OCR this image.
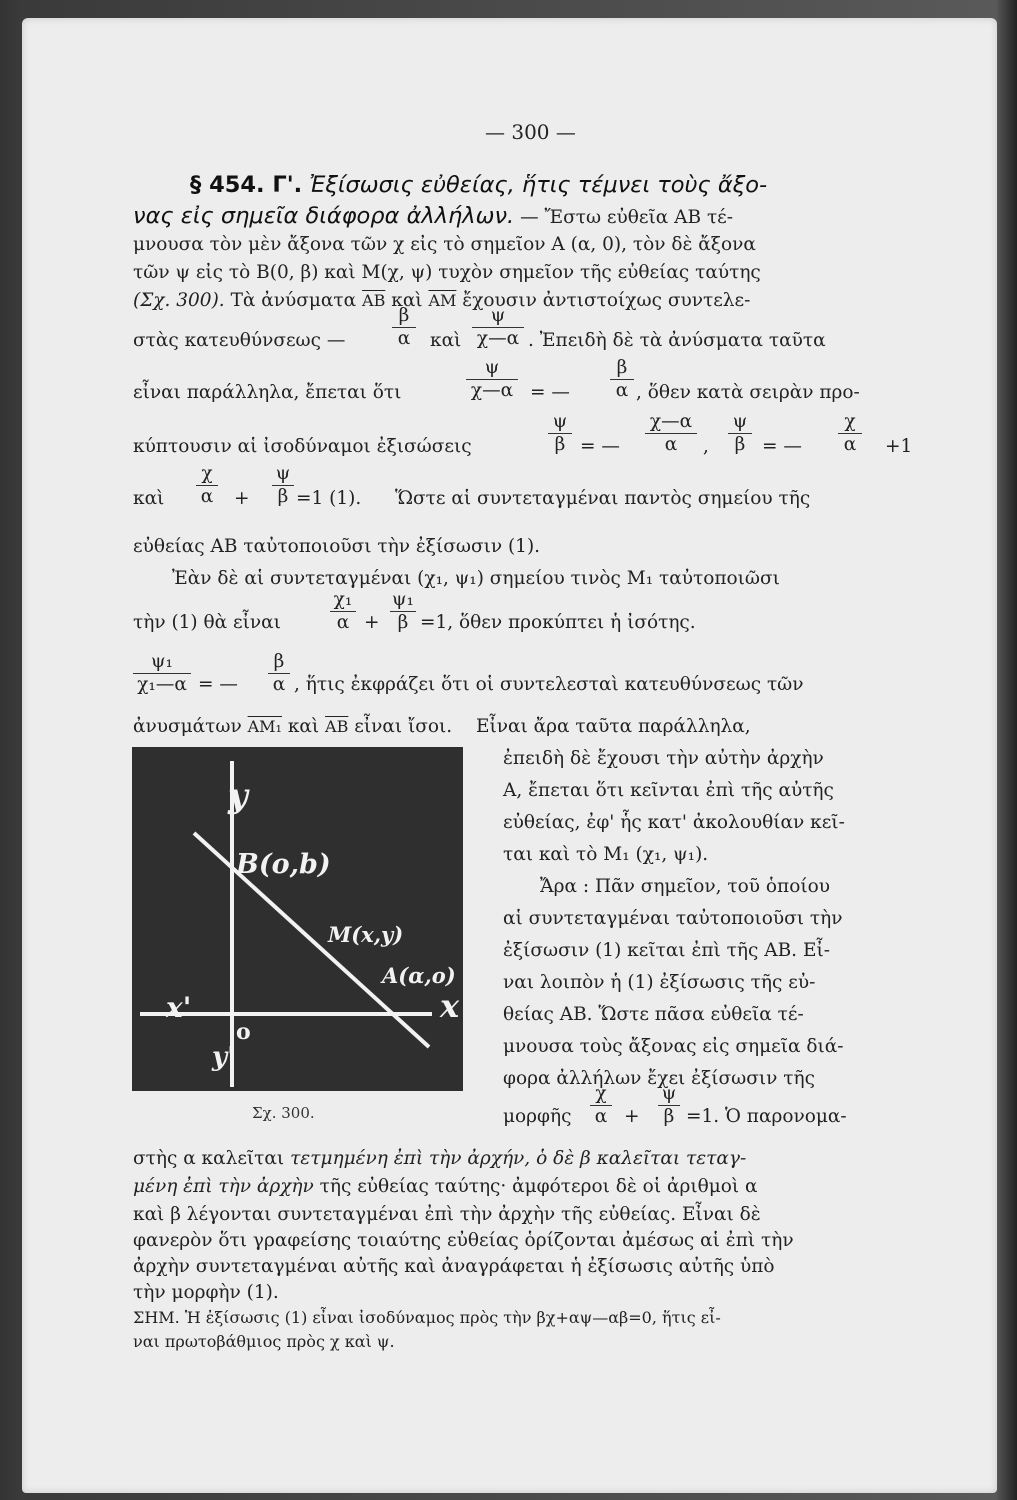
— 300 —
§ 454. Γ'. Ἐξίσωσις εὐθείας, ἥτις τέμνει τοὺς ἄξο-
νας εἰς σημεῖα διάφορα ἀλλήλων. — Ἔστω εὐθεῖα ΑΒ τέ-
μνουσα τὸν μὲν ἄξονα τῶν χ εἰς τὸ σημεῖον Α (α, 0), τὸν δὲ ἄξονα
τῶν ψ εἰς τὸ Β(0, β) καὶ Μ(χ, ψ) τυχὸν σημεῖον τῆς εὐθείας ταύτης
(Σχ. 300). Τὰ ἀνύσματα $\overline{AB}$ καὶ $\overline{AM}$ ἔχουσιν ἀντιστοίχως συντελε-
στὰς κατευθύνσεως —
β
α	καὶ
ψ
χ—α . Ἐπειδὴ δὲ τὰ ἀνύσματα ταῦτα
εἶναι παράλληλα, ἔπεται ὅτι
ψ
χ—α = —
β
α , ὅθεν κατὰ σειρὰν προ-
κύπτουσιν αἱ ἰσοδύναμοι ἐξισώσεις
ψ
β = —
χ—α
α	,
ψ
β = —
χ
α	+1
καὶ
χ
α +
ψ
β =1 (1). Ὥστε αἱ συντεταγμέναι παντὸς σημείου τῆς
εὐθείας ΑΒ ταὐτοποιοῦσι τὴν ἐξίσωσιν (1).
Ἐὰν δὲ αἱ συντεταγμέναι (χ₁, ψ₁) σημείου τινὸς Μ₁ ταὐτοποιῶσι
τὴν (1) θὰ εἶναι
χ₁
α +
ψ₁
β =1, ὅθεν προκύπτει ἡ ἰσότης.
ψ₁
χ₁—α = —
β
α , ἥτις ἐκφράζει ὅτι οἱ συντελεσταὶ κατευθύνσεως τῶν
ἀνυσμάτων ΑΜ₁ καὶ $\overline{AB}$ εἶναι ἴσοι. Εἶναι ἄρα ταῦτα παράλληλα,
ἐπειδὴ δὲ ἔχουσι τὴν αὐτὴν ἀρχὴν
Α, ἔπεται ὅτι κεῖνται ἐπὶ τῆς αὐτῆς
εὐθείας, ἐφ' ἧς κατ' ἀκολουθίαν κεῖ-
ται καὶ τὸ Μ₁ (χ₁, ψ₁).
Ἄρα : Πᾶν σημεῖον, τοῦ ὁποίου
αἱ συντεταγμέναι ταὐτοποιοῦσι τὴν
ἐξίσωσιν (1) κεῖται ἐπὶ τῆς ΑΒ. Εἶ-
ναι λοιπὸν ἡ (1) ἐξίσωσις τῆς εὐ-
θείας ΑΒ. Ὥστε πᾶσα εὐθεῖα τέ-
μνουσα τοὺς ἄξονας εἰς σημεῖα διά-
φορα ἀλλήλων ἔχει ἐξίσωσιν τῆς
μορφῆς
χ
α +
ψ
β =1. Ὁ παρονομα-
στὴς α καλεῖται τετμημένη ἐπὶ τὴν ἀρχήν, ὁ δὲ β καλεῖται τεταγ-
μένη ἐπὶ τὴν ἀρχὴν τῆς εὐθείας ταύτης· ἀμφότεροι δὲ οἱ ἀριθμοὶ α
καὶ β λέγονται συντεταγμέναι ἐπὶ τὴν ἀρχὴν τῆς εὐθείας. Εἶναι δὲ
φανερὸν ὅτι γραφείσης τοιαύτης εὐθείας ὁρίζονται ἀμέσως αἱ ἐπὶ τὴν
ἀρχὴν συντεταγμέναι αὐτῆς καὶ ἀναγράφεται ἡ ἐξίσωσις αὐτῆς ὑπὸ
τὴν μορφὴν (1).
ΣΗΜ. Ἡ ἐξίσωσις (1) εἶναι ἰσοδύναμος πρὸς τὴν βχ+αψ—αβ=0, ἥτις εἶ-
ναι πρωτοβάθμιος πρὸς χ καὶ ψ.
y
B(o,b)
M(x,y)
A(α,o)
x
x'
o
y'
Σχ. 300.
